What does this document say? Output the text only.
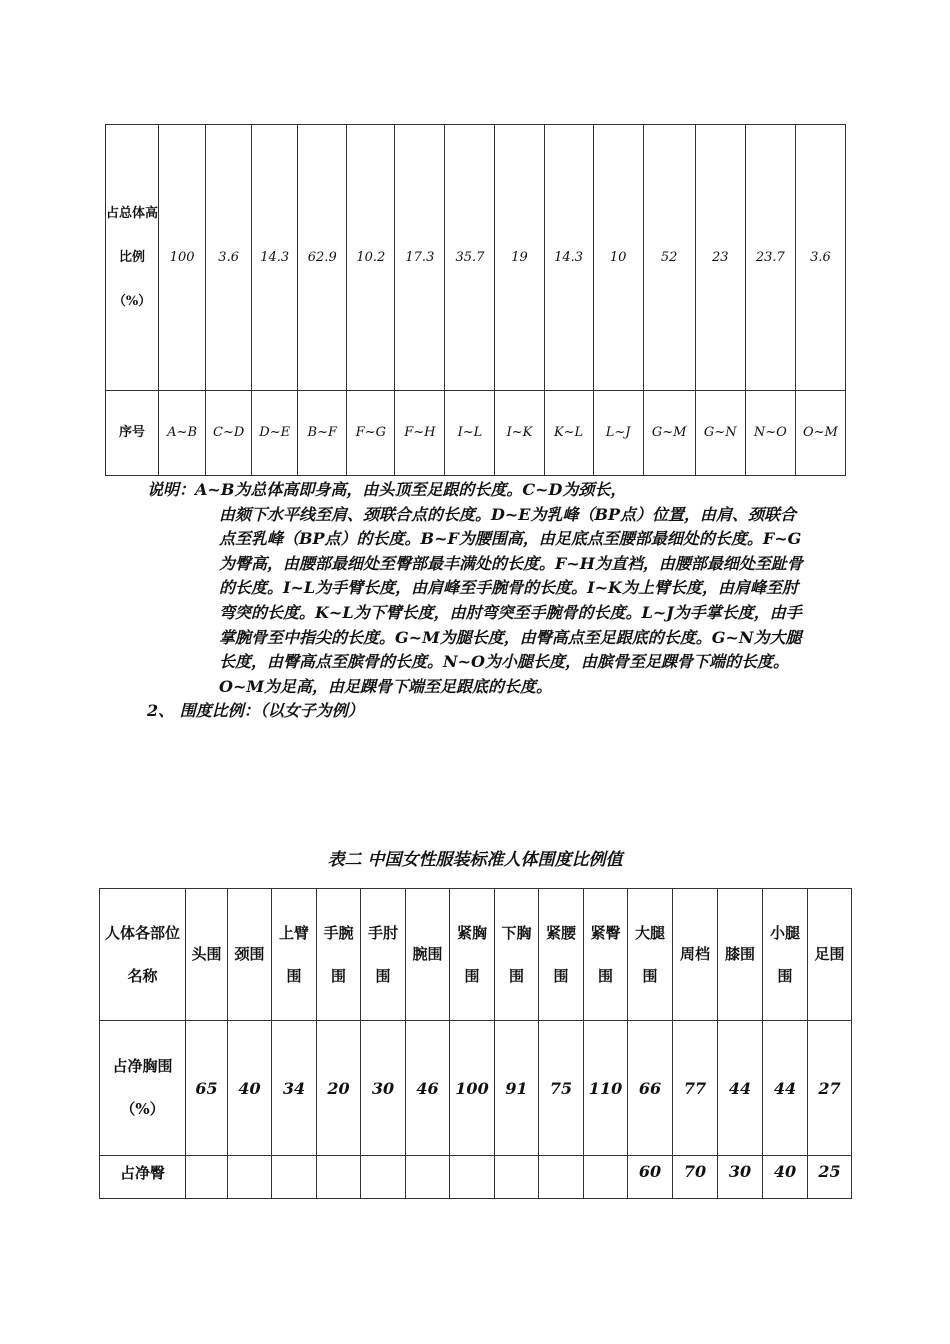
占总体高比例（%）	100	3.6	14.3	62.9	10.2	17.3	35.7	19	14.3	10	52	23	23.7	3.6
序号	A~B	C~D	D~E	B~F	F~G	F~H	I~L	I~K	K~L	L~J	G~M	G~N	N~O	O~M
说明：A~B为总体高即身高，由头顶至足跟的长度。C~D为颈长，
由颏下水平线至肩、颈联合点的长度。D~E为乳峰（BP点）位置，由肩、颈联合点至乳峰（BP点）的长度。B~F为腰围高，由足底点至腰部最细处的长度。F~G为臀高，由腰部最细处至臀部最丰满处的长度。F~H为直裆，由腰部最细处至趾骨的长度。I~L为手臂长度，由肩峰至手腕骨的长度。I~K为上臂长度，由肩峰至肘弯突的长度。K~L为下臂长度，由肘弯突至手腕骨的长度。L~J为手掌长度，由手掌腕骨至中指尖的长度。G~M为腿长度，由臀高点至足跟底的长度。G~N为大腿长度，由臀高点至膑骨的长度。N~O为小腿长度，由膑骨至足踝骨下端的长度。O~M为足高，由足踝骨下端至足跟底的长度。
2、 围度比例：（以女子为例）
表二 中国女性服装标准人体围度比例值
人体各部位名称	头围	颈围	上臂围	手腕围	手肘围	腕围	紧胸围	下胸围	紧腰围	紧臀围	大腿围	周档	膝围	小腿围	足围
占净胸围（%）	65	40	34	20	30	46	100	91	75	110	66	77	44	44	27
占净臀											60	70	30	40	25
